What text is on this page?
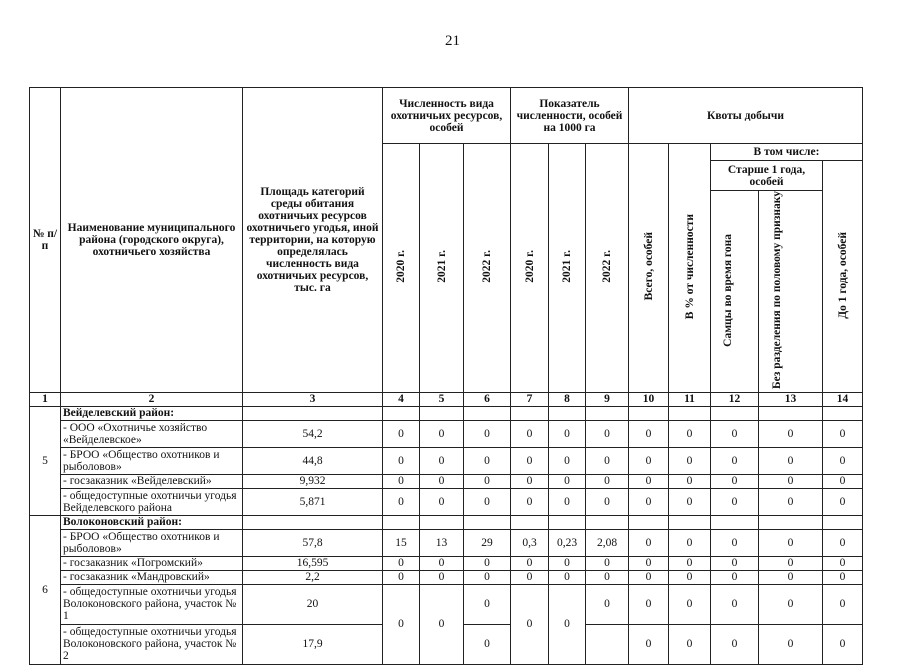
21
№ п/п	Наименование муниципального района (городского округа), охотничьего хозяйства	Площадь категорий среды обитания охотничьих ресурсов охотничьего угодья, иной территории, на которую определялась численность вида охотничьих ресурсов, тыс. га	Численность вида охотничьих ресурсов, особей			Показатель численности, особей на 1000 га			Квоты добычи				
			2020 г.	2021 г.	2022 г.	2020 г.	2021 г.	2022 г.	Всего, особей	В % от численности	В том числе:		
											Старше 1 года, особей		До 1 года, особей
											Самцы во время гона	Без разделения по половому признаку	
1	2	3	4	5	6	7	8	9	10	11	12	13	14
5	Вейделевский район:												
	- ООО «Охотничье хозяйство «Вейделевское»	54,2	0	0	0	0	0	0	0	0	0	0	0
	- БРОО «Общество охотников и рыболовов»	44,8	0	0	0	0	0	0	0	0	0	0	0
	- госзаказник «Вейделевский»	9,932	0	0	0	0	0	0	0	0	0	0	0
	- общедоступные охотничьи угодья Вейделевского района	5,871	0	0	0	0	0	0	0	0	0	0	0
6	Волоконовский район:												
	- БРОО «Общество охотников и рыболовов»	57,8	15	13	29	0,3	0,23	2,08	0	0	0	0	0
	- госзаказник «Погромский»	16,595	0	0	0	0	0	0	0	0	0	0	0
	- госзаказник «Мандровский»	2,2	0	0	0	0	0	0	0	0	0	0	0
	- общедоступные охотничьи угодья Волоконовского района, участок № 1	20	0	0	0	0	0	0	0	0	0	0	0
	- общедоступные охотничьи угодья Волоконовского района, участок № 2	17,9			0				0	0	0	0	0
